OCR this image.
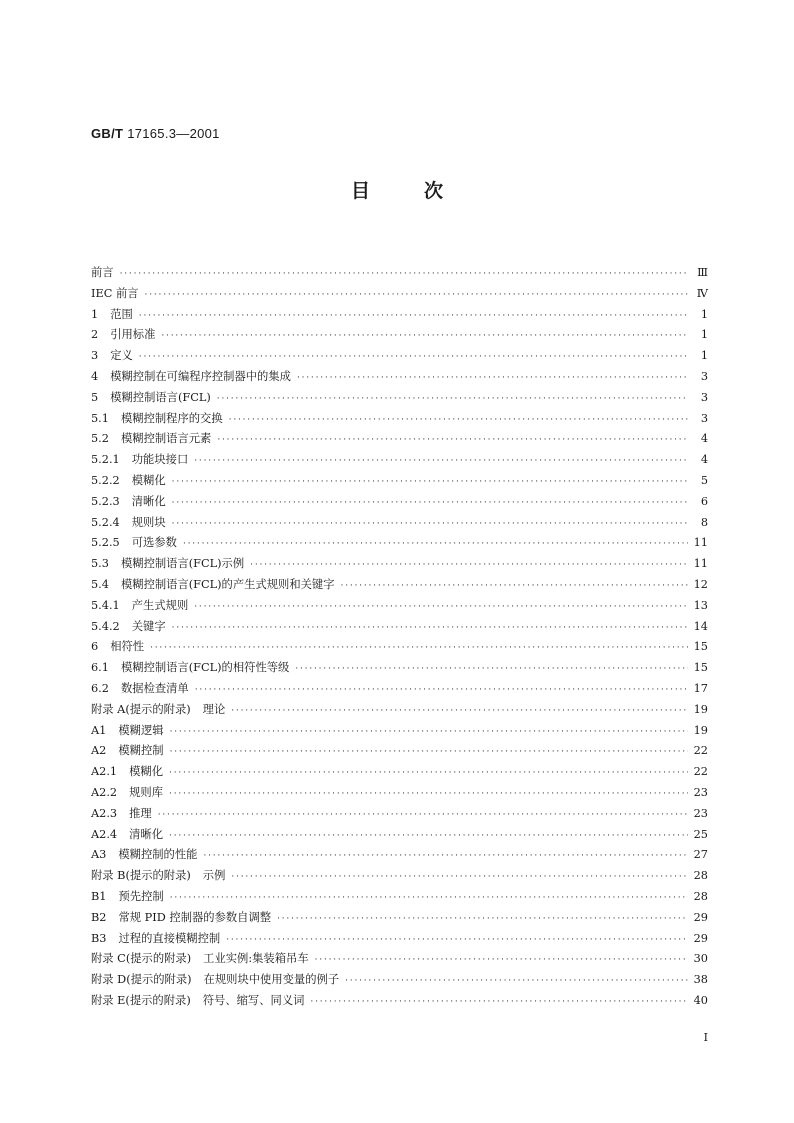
GB/T 17165.3—2001
目	次
前言 ·····	Ⅲ
IEC 前言 ·····	Ⅳ
1 范围 ·····	1
2 引用标准 ·····	1
3 定义 ·····	1
4 模糊控制在可编程序控制器中的集成 ·····	3
5 模糊控制语言(FCL) ·····	3
5.1 模糊控制程序的交换 ·····	3
5.2 模糊控制语言元素 ·····	4
5.2.1 功能块接口 ·····	4
5.2.2 模糊化 ·····	5
5.2.3 清晰化 ·····	6
5.2.4 规则块 ·····	8
5.2.5 可选参数 ·····	11
5.3 模糊控制语言(FCL)示例 ·····	11
5.4 模糊控制语言(FCL)的产生式规则和关键字 ·····	12
5.4.1 产生式规则 ·····	13
5.4.2 关键字 ·····	14
6 相符性 ·····	15
6.1 模糊控制语言(FCL)的相符性等级 ·····	15
6.2 数据检查清单 ·····	17
附录 A(提示的附录) 理论 ·····	19
A1 模糊逻辑 ·····	19
A2 模糊控制 ·····	22
A2.1 模糊化 ·····	22
A2.2 规则库 ·····	23
A2.3 推理 ·····	23
A2.4 清晰化 ·····	25
A3 模糊控制的性能 ·····	27
附录 B(提示的附录) 示例 ·····	28
B1 预先控制 ·····	28
B2 常规 PID 控制器的参数自调整 ·····	29
B3 过程的直接模糊控制 ·····	29
附录 C(提示的附录) 工业实例:集装箱吊车 ·····	30
附录 D(提示的附录) 在规则块中使用变量的例子 ·····	38
附录 E(提示的附录) 符号、缩写、同义词 ·····	40
I
